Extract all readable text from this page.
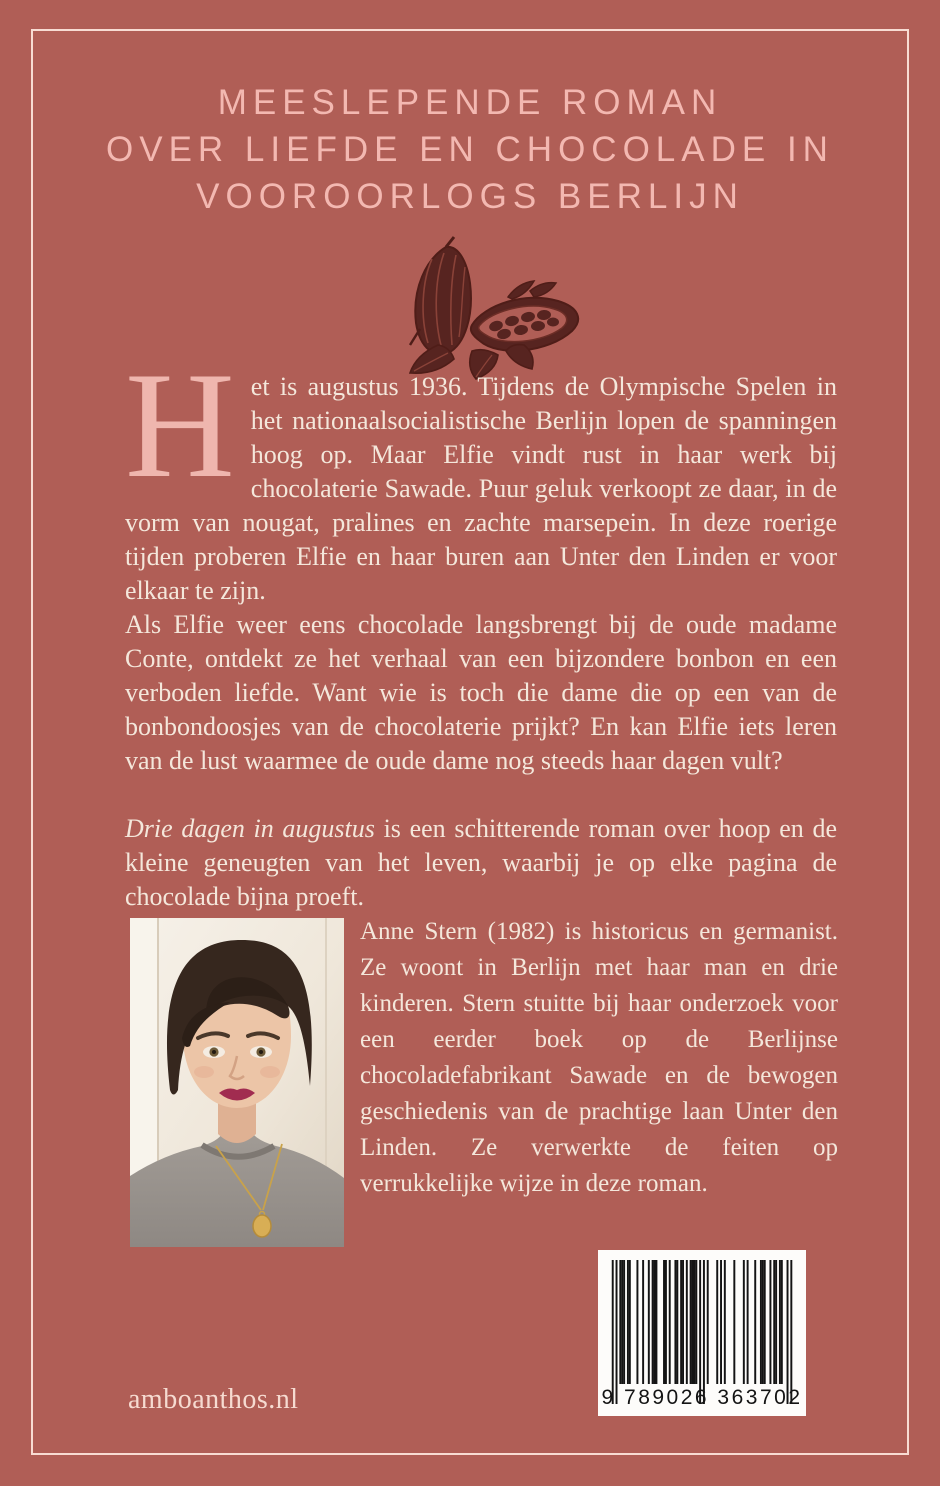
MEESLEPENDE ROMAN
OVER LIEFDE EN CHOCOLADE IN
VOOROORLOGS BERLIJN

Het is augustus 1936. Tijdens de Olympische Spelen in het nationaalsocialistische Berlijn lopen de spanningen hoog op. Maar Elfie vindt rust in haar werk bij chocolaterie Sawade. Puur geluk verkoopt ze daar, in de vorm van nougat, pralines en zachte marsepein. In deze roerige tijden proberen Elfie en haar buren aan Unter den Linden er voor elkaar te zijn.

Als Elfie weer eens chocolade langsbrengt bij de oude madame Conte, ontdekt ze het verhaal van een bijzondere bonbon en een verboden liefde. Want wie is toch die dame die op een van de bonbondoosjes van de chocolaterie prijkt? En kan Elfie iets leren van de lust waarmee de oude dame nog steeds haar dagen vult?

Drie dagen in augustus is een schitterende roman over hoop en de kleine geneugten van het leven, waarbij je op elke pagina de chocolade bijna proeft.

Anne Stern (1982) is historicus en germanist. Ze woont in Berlijn met haar man en drie kinderen. Stern stuitte bij haar onderzoek voor een eerder boek op de Berlijnse chocoladefabrikant Sawade en de bewogen geschiedenis van de prachtige laan Unter den Linden. Ze verwerkte de feiten op verrukkelijke wijze in deze roman.
9 789026 363702
amboanthos.nl
